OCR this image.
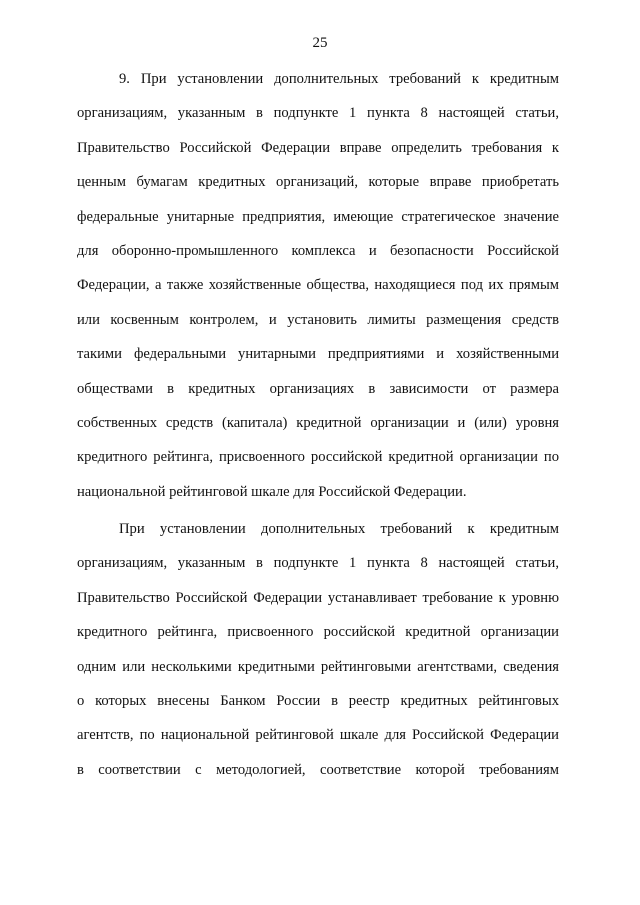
25
9. При установлении дополнительных требований к кредитным
организациям, указанным в подпункте 1 пункта 8 настоящей статьи,
Правительство Российской Федерации вправе определить требования к
ценным бумагам кредитных организаций, которые вправе приобретать
федеральные унитарные предприятия, имеющие стратегическое значение
для оборонно-промышленного комплекса и безопасности Российской
Федерации, а также хозяйственные общества, находящиеся под их прямым
или косвенным контролем, и установить лимиты размещения средств
такими федеральными унитарными предприятиями и хозяйственными
обществами в кредитных организациях в зависимости от размера
собственных средств (капитала) кредитной организации и (или) уровня
кредитного рейтинга, присвоенного российской кредитной организации по
национальной рейтинговой шкале для Российской Федерации.
При установлении дополнительных требований к кредитным
организациям, указанным в подпункте 1 пункта 8 настоящей статьи,
Правительство Российской Федерации устанавливает требование к уровню
кредитного рейтинга, присвоенного российской кредитной организации
одним или несколькими кредитными рейтинговыми агентствами, сведения
о которых внесены Банком России в реестр кредитных рейтинговых
агентств, по национальной рейтинговой шкале для Российской Федерации
в соответствии с методологией, соответствие которой требованиям
